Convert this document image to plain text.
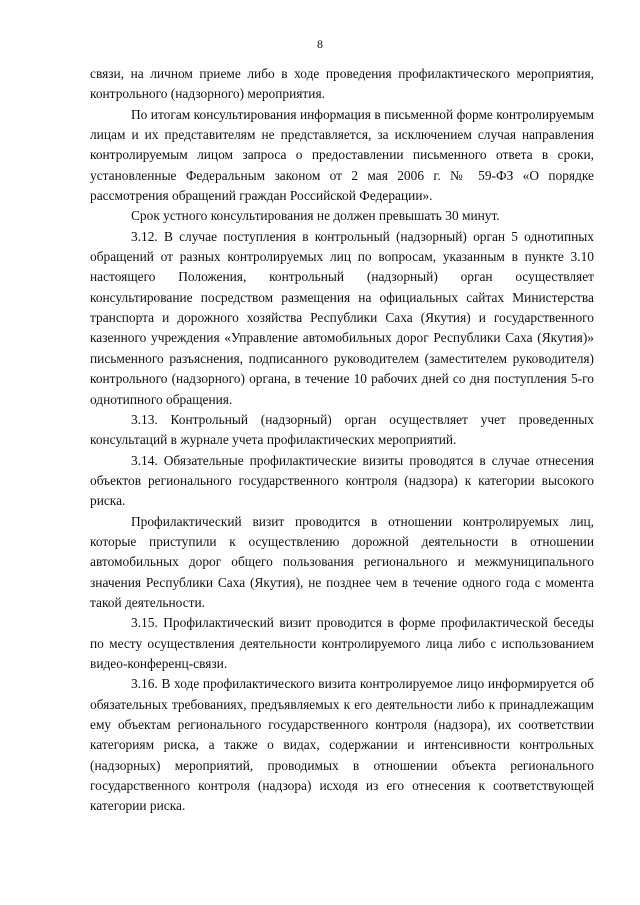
8

связи, на личном приеме либо в ходе проведения профилактического мероприятия, контрольного (надзорного) мероприятия.

По итогам консультирования информация в письменной форме контролируемым лицам и их представителям не представляется, за исключением случая направления контролируемым лицом запроса о предоставлении письменного ответа в сроки, установленные Федеральным законом от 2 мая 2006 г. № 59-ФЗ «О порядке рассмотрения обращений граждан Российской Федерации».

Срок устного консультирования не должен превышать 30 минут.

3.12. В случае поступления в контрольный (надзорный) орган 5 однотипных обращений от разных контролируемых лиц по вопросам, указанным в пункте 3.10 настоящего Положения, контрольный (надзорный) орган осуществляет консультирование посредством размещения на официальных сайтах Министерства транспорта и дорожного хозяйства Республики Саха (Якутия) и государственного казенного учреждения «Управление автомобильных дорог Республики Саха (Якутия)» письменного разъяснения, подписанного руководителем (заместителем руководителя) контрольного (надзорного) органа, в течение 10 рабочих дней со дня поступления 5-го однотипного обращения.

3.13. Контрольный (надзорный) орган осуществляет учет проведенных консультаций в журнале учета профилактических мероприятий.

3.14. Обязательные профилактические визиты проводятся в случае отнесения объектов регионального государственного контроля (надзора) к категории высокого риска.

Профилактический визит проводится в отношении контролируемых лиц, которые приступили к осуществлению дорожной деятельности в отношении автомобильных дорог общего пользования регионального и межмуниципального значения Республики Саха (Якутия), не позднее чем в течение одного года с момента такой деятельности.

3.15. Профилактический визит проводится в форме профилактической беседы по месту осуществления деятельности контролируемого лица либо с использованием видео-конференц-связи.

3.16. В ходе профилактического визита контролируемое лицо информируется об обязательных требованиях, предъявляемых к его деятельности либо к принадлежащим ему объектам регионального государственного контроля (надзора), их соответствии категориям риска, а также о видах, содержании и интенсивности контрольных (надзорных) мероприятий, проводимых в отношении объекта регионального государственного контроля (надзора) исходя из его отнесения к соответствующей категории риска.
